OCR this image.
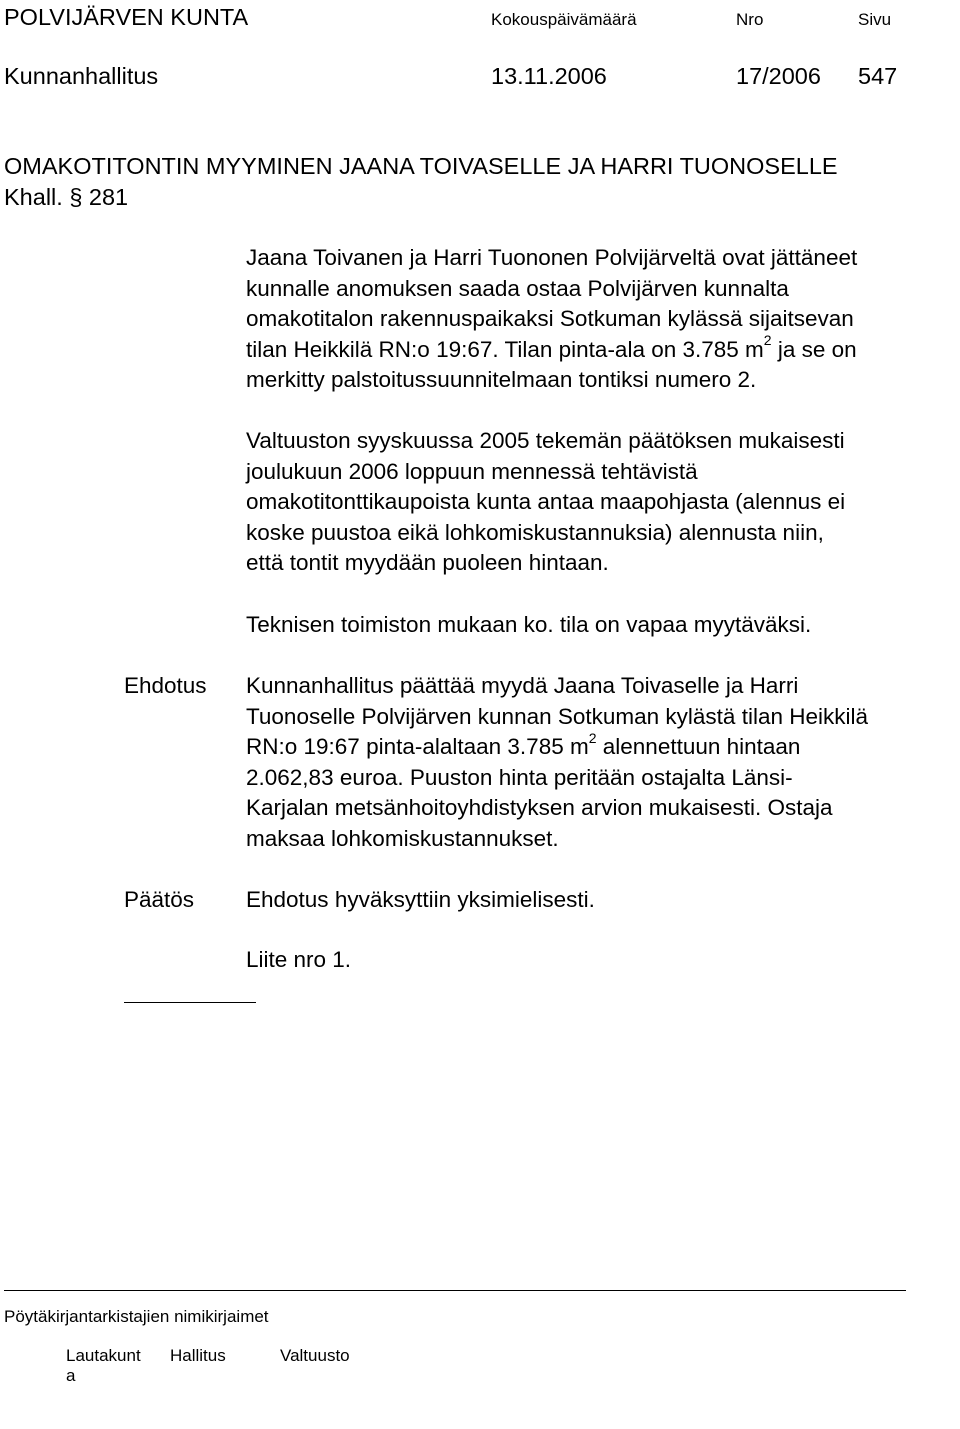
POLVIJÄRVEN KUNTA	Kokouspäivämäärä	Nro	Sivu
Kunnanhallitus	13.11.2006	17/2006 547
OMAKOTITONTIN MYYMINEN JAANA TOIVASELLE JA HARRI TUONOSELLE
Khall. § 281
Jaana Toivanen ja Harri Tuononen Polvijärveltä ovat jättäneet
kunnalle anomuksen saada ostaa Polvijärven kunnalta
omakotitalon rakennuspaikaksi Sotkuman kylässä sijaitsevan
tilan Heikkilä RN:o 19:67. Tilan pinta-ala on 3.785 $m^2$ ja se on
merkitty palstoitussuunnitelmaan tontiksi numero 2.
Valtuuston syyskuussa 2005 tekemän päätöksen mukaisesti
joulukuun 2006 loppuun mennessä tehtävistä
omakotitonttikaupoista kunta antaa maapohjasta (alennus ei
koske puustoa eikä lohkomiskustannuksia) alennusta niin,
että tontit myydään puoleen hintaan.
Teknisen toimiston mukaan ko. tila on vapaa myytäväksi.
Ehdotus Kunnanhallitus päättää myydä Jaana Toivaselle ja Harri
Tuonoselle Polvijärven kunnan Sotkuman kylästä tilan Heikkilä
RN:o 19:67 pinta-alaltaan 3.785 $m^2$ alennettuun hintaan
2.062,83 euroa. Puuston hinta peritään ostajalta Länsi-
Karjalan metsänhoitoyhdistyksen arvion mukaisesti. Ostaja
maksaa lohkomiskustannukset.
Päätös Ehdotus hyväksyttiin yksimielisesti.
Liite nro 1.
Pöytäkirjantarkistajien nimikirjaimet
Lautakunt
a
Hallitus	Valtuusto
